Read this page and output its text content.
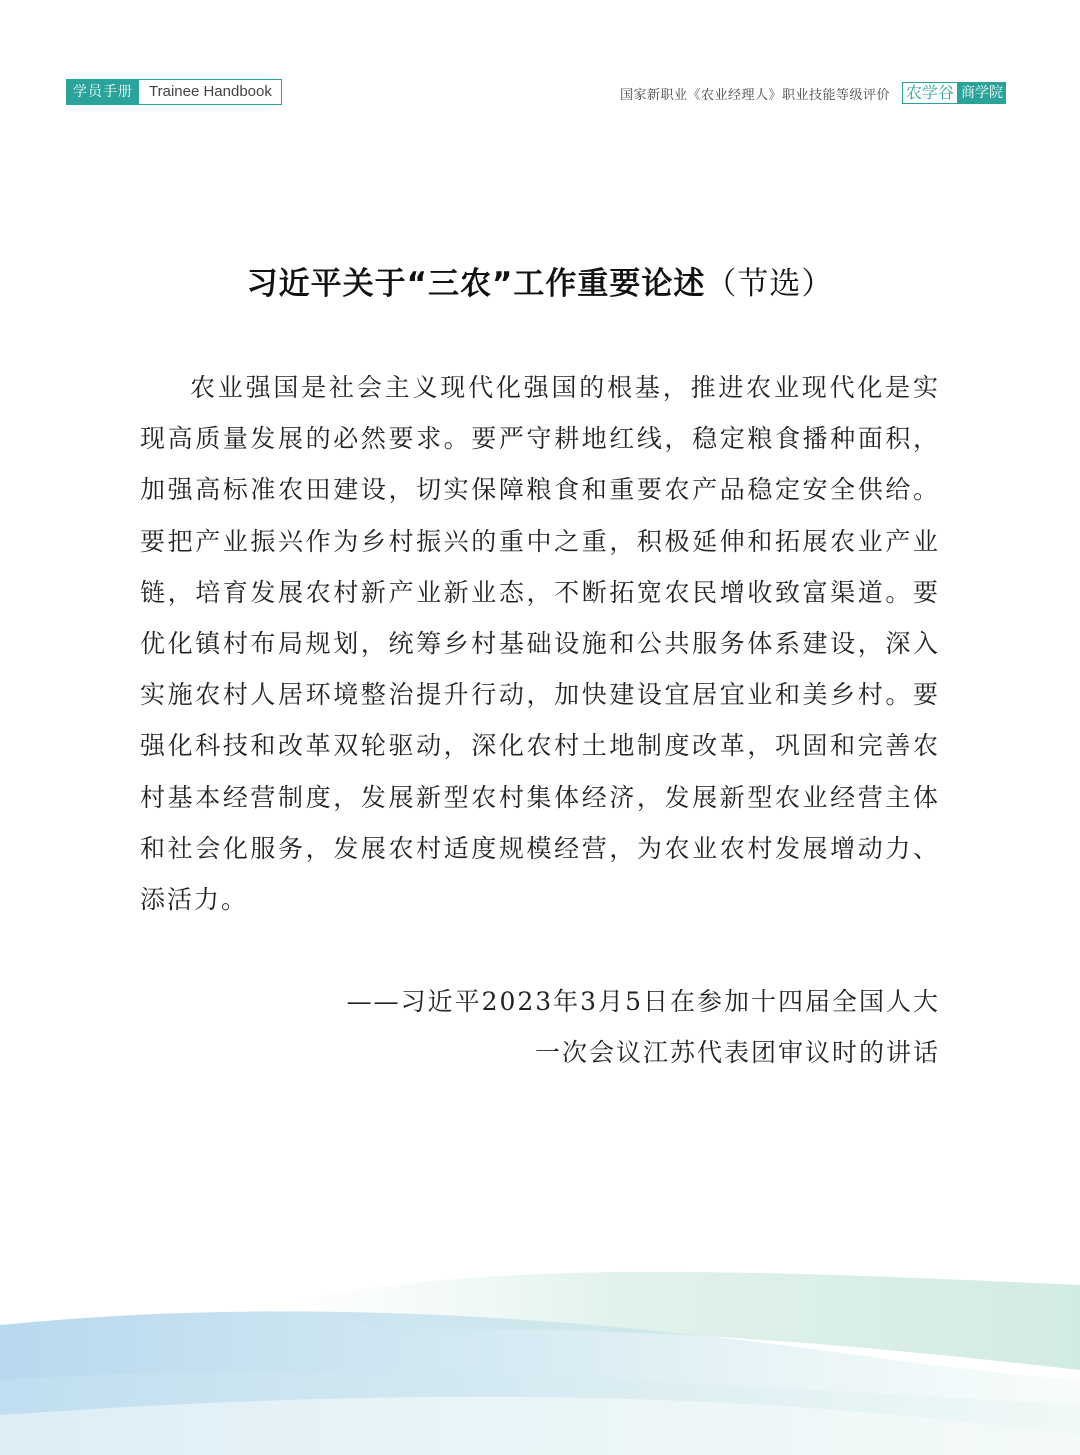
学员手册	Trainee Handbook	国家新职业《农业经理人》职业技能等级评价 农学谷 商学院
习近平关于“三农”工作重要论述（节选）

农业强国是社会主义现代化强国的根基，推进农业现代化是实现高质量发展的必然要求。要严守耕地红线，稳定粮食播种面积，加强高标准农田建设，切实保障粮食和重要农产品稳定安全供给。要把产业振兴作为乡村振兴的重中之重，积极延伸和拓展农业产业链，培育发展农村新产业新业态，不断拓宽农民增收致富渠道。要优化镇村布局规划，统筹乡村基础设施和公共服务体系建设，深入实施农村人居环境整治提升行动，加快建设宜居宜业和美乡村。要强化科技和改革双轮驱动，深化农村土地制度改革，巩固和完善农村基本经营制度，发展新型农村集体经济，发展新型农业经营主体和社会化服务，发展农村适度规模经营，为农业农村发展增动力、添活力。

——习近平2023年3月5日在参加十四届全国人大
一次会议江苏代表团审议时的讲话
